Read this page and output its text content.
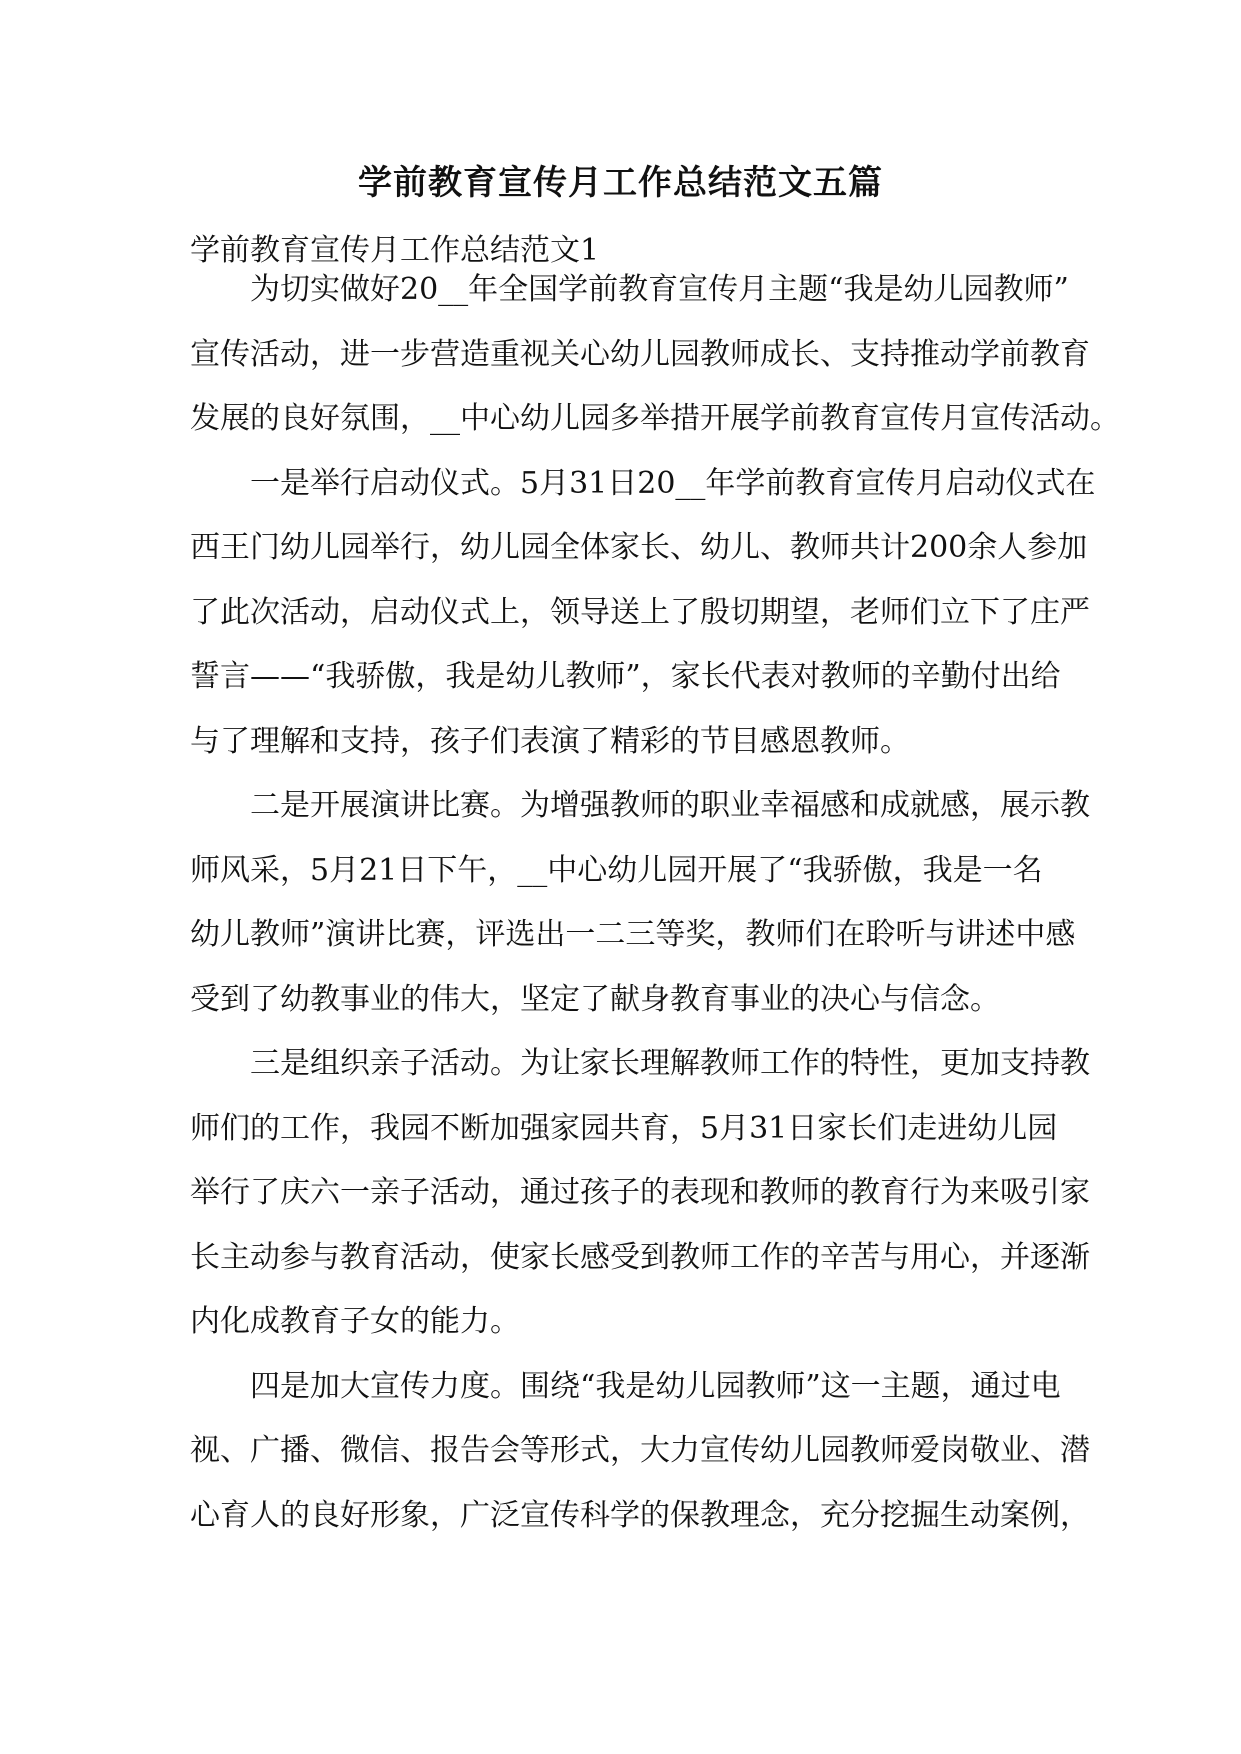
学前教育宣传月工作总结范文五篇

学前教育宣传月工作总结范文1

为切实做好20__年全国学前教育宣传月主题“我是幼儿园教师”
宣传活动，进一步营造重视关心幼儿园教师成长、支持推动学前教育
发展的良好氛围，__中心幼儿园多举措开展学前教育宣传月宣传活动。

一是举行启动仪式。5月31日20__年学前教育宣传月启动仪式在
西王门幼儿园举行，幼儿园全体家长、幼儿、教师共计200余人参加
了此次活动，启动仪式上，领导送上了殷切期望，老师们立下了庄严
誓言——“我骄傲，我是幼儿教师”，家长代表对教师的辛勤付出给
与了理解和支持，孩子们表演了精彩的节目感恩教师。

二是开展演讲比赛。为增强教师的职业幸福感和成就感，展示教
师风采，5月21日下午，__中心幼儿园开展了“我骄傲，我是一名
幼儿教师”演讲比赛，评选出一二三等奖，教师们在聆听与讲述中感
受到了幼教事业的伟大，坚定了献身教育事业的决心与信念。

三是组织亲子活动。为让家长理解教师工作的特性，更加支持教
师们的工作，我园不断加强家园共育，5月31日家长们走进幼儿园
举行了庆六一亲子活动，通过孩子的表现和教师的教育行为来吸引家
长主动参与教育活动，使家长感受到教师工作的辛苦与用心，并逐渐
内化成教育子女的能力。

四是加大宣传力度。围绕“我是幼儿园教师”这一主题，通过电
视、广播、微信、报告会等形式，大力宣传幼儿园教师爱岗敬业、潜
心育人的良好形象，广泛宣传科学的保教理念，充分挖掘生动案例，
